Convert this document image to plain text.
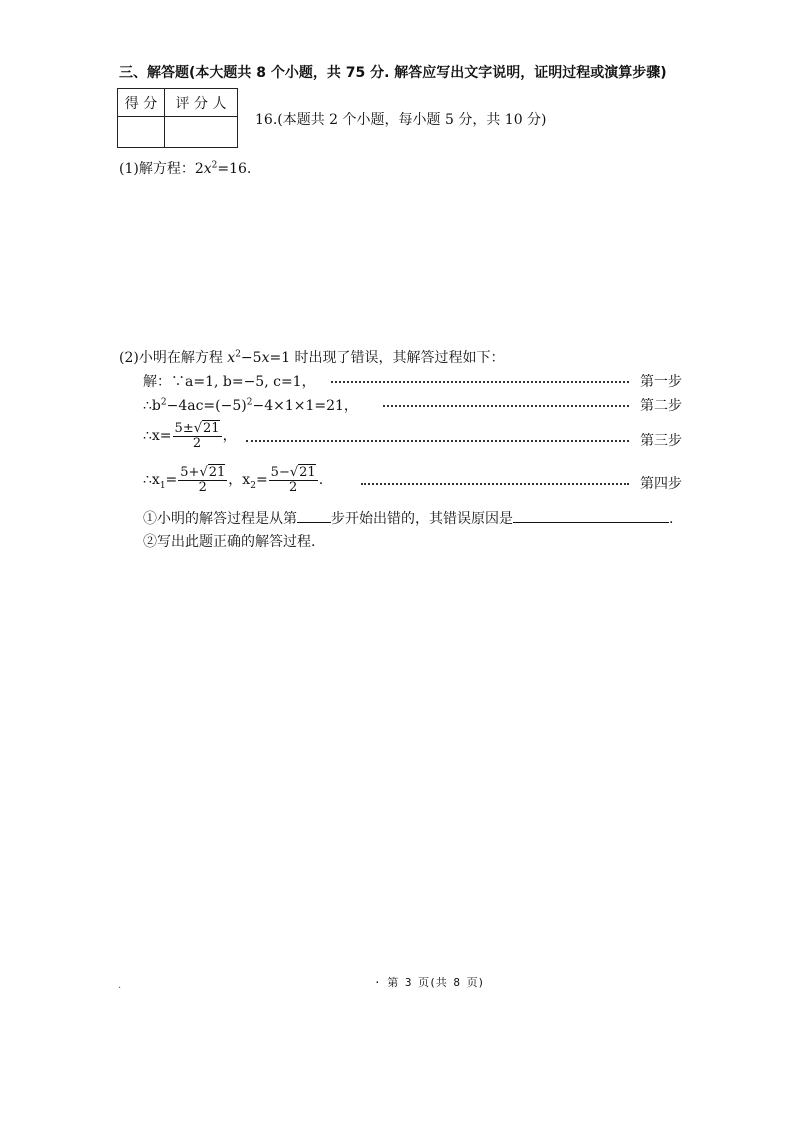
三、解答题(本大题共 8 个小题，共 75 分. 解答应写出文字说明，证明过程或演算步骤)
得 分	评 分 人

16.(本题共 2 个小题，每小题 5 分，共 10 分)
(1)解方程：$2x^2=16$.
(2)小明在解方程 $x^2-5x=1$ 时出现了错误，其解答过程如下：
解：∵a=1, b=−5, c=1，	第一步
$\therefore b^2-4ac=(-5)^2-4\times 1\times 1=21$，	第二步
∴x= $\frac{5\pm√21}{2}$ ，	第三步
$\therefore x_1= \frac{5+√21}{2}$ ，$x_2= \frac{5-√21}{2}$ .	第四步
①小明的解答过程是从第 步开始出错的，其错误原因是	.
②写出此题正确的解答过程.
.	· 第 3 页(共 8 页)
